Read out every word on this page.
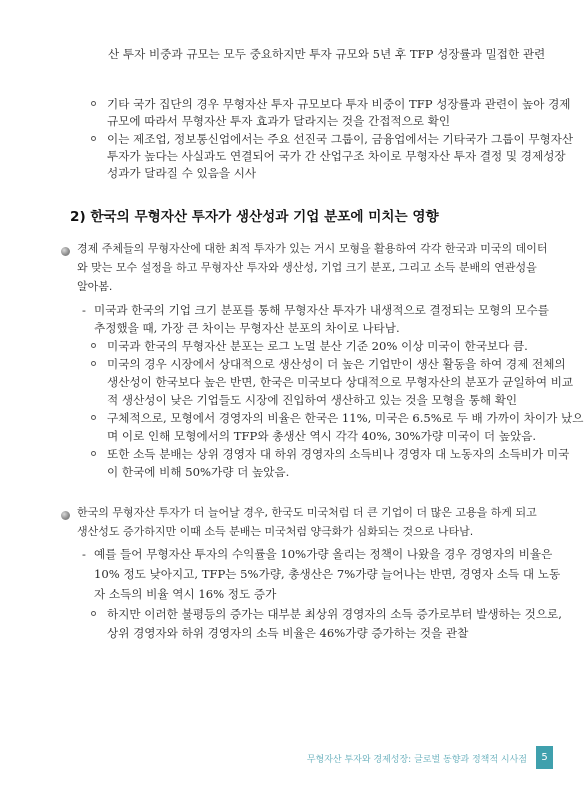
산 투자 비중과 규모는 모두 중요하지만 투자 규모와 5년 후 TFP 성장률과 밀접한 관련
기타 국가 집단의 경우 무형자산 투자 규모보다 투자 비중이 TFP 성장률과 관련이 높아 경제
규모에 따라서 무형자산 투자 효과가 달라지는 것을 간접적으로 확인
이는 제조업, 정보통신업에서는 주요 선진국 그룹이, 금융업에서는 기타국가 그룹이 무형자산
투자가 높다는 사실과도 연결되어 국가 간 산업구조 차이로 무형자산 투자 결정 및 경제성장
성과가 달라질 수 있음을 시사
2) 한국의 무형자산 투자가 생산성과 기업 분포에 미치는 영향
경제 주체들의 무형자산에 대한 최적 투자가 있는 거시 모형을 활용하여 각각 한국과 미국의 데이터
와 맞는 모수 설정을 하고 무형자산 투자와 생산성, 기업 크기 분포, 그리고 소득 분배의 연관성을
알아봄.
- 미국과 한국의 기업 크기 분포를 통해 무형자산 투자가 내생적으로 결정되는 모형의 모수를
추정했을 때, 가장 큰 차이는 무형자산 분포의 차이로 나타남.
미국과 한국의 무형자산 분포는 로그 노멀 분산 기준 20% 이상 미국이 한국보다 큼.
미국의 경우 시장에서 상대적으로 생산성이 더 높은 기업만이 생산 활동을 하여 경제 전체의
생산성이 한국보다 높은 반면, 한국은 미국보다 상대적으로 무형자산의 분포가 균일하여 비교
적 생산성이 낮은 기업들도 시장에 진입하여 생산하고 있는 것을 모형을 통해 확인
구체적으로, 모형에서 경영자의 비율은 한국은 11%, 미국은 6.5%로 두 배 가까이 차이가 났으
며 이로 인해 모형에서의 TFP와 총생산 역시 각각 40%, 30%가량 미국이 더 높았음.
또한 소득 분배는 상위 경영자 대 하위 경영자의 소득비나 경영자 대 노동자의 소득비가 미국
이 한국에 비해 50%가량 더 높았음.
한국의 무형자산 투자가 더 늘어날 경우, 한국도 미국처럼 더 큰 기업이 더 많은 고용을 하게 되고
생산성도 증가하지만 이때 소득 분배는 미국처럼 양극화가 심화되는 것으로 나타남.
- 예를 들어 무형자산 투자의 수익률을 10%가량 올리는 정책이 나왔을 경우 경영자의 비율은
10% 정도 낮아지고, TFP는 5%가량, 총생산은 7%가량 늘어나는 반면, 경영자 소득 대 노동
자 소득의 비율 역시 16% 정도 증가
하지만 이러한 불평등의 증가는 대부분 최상위 경영자의 소득 증가로부터 발생하는 것으로,
상위 경영자와 하위 경영자의 소득 비율은 46%가량 증가하는 것을 관찰
무형자산 투자와 경제성장: 글로벌 동향과 정책적 시사점	5
